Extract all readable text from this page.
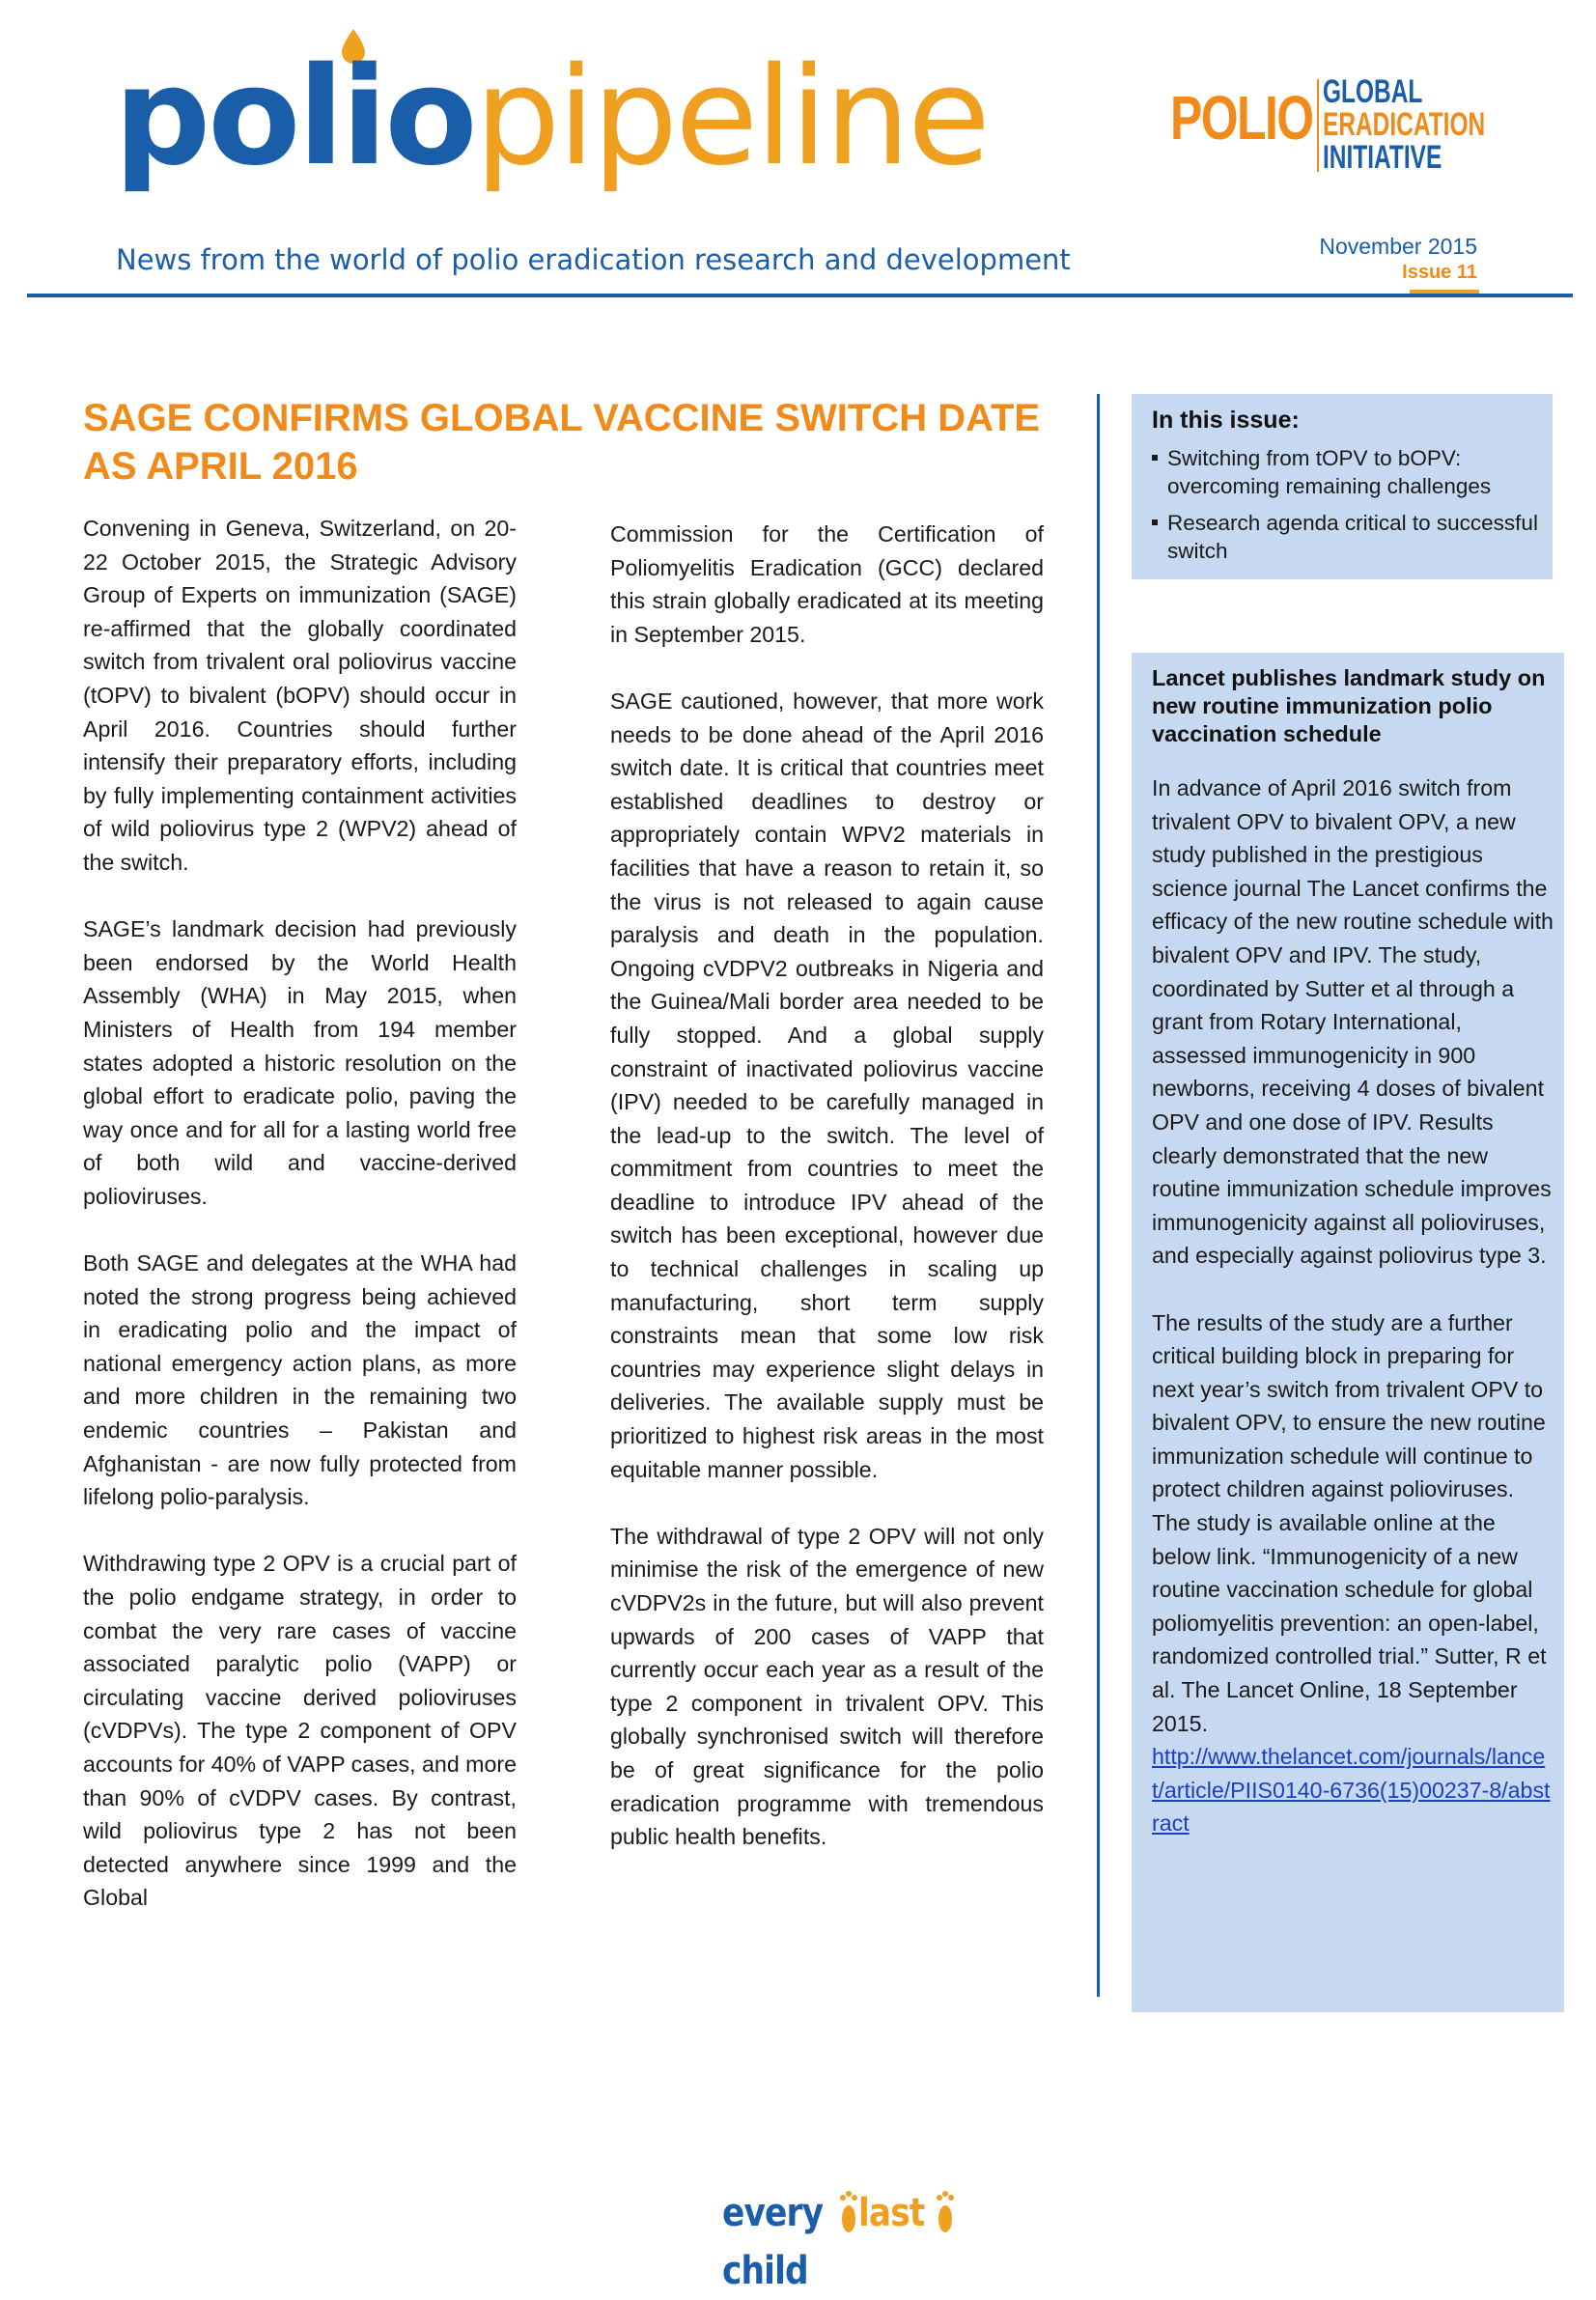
poliopipeline
News from the world of polio eradication research and development
POLIO GLOBAL
ERADICATION
INITIATIVE
November 2015
Issue 11
SAGE CONFIRMS GLOBAL VACCINE SWITCH DATE AS APRIL 2016

Convening in Geneva, Switzerland, on 20-22 October 2015, the Strategic Advisory Group of Experts on immunization (SAGE) re-affirmed that the globally coordinated switch from trivalent oral poliovirus vaccine (tOPV) to bivalent (bOPV) should occur in April 2016. Countries should further intensify their preparatory efforts, including by fully implementing containment activities of wild poliovirus type 2 (WPV2) ahead of the switch.

SAGE’s landmark decision had previously been endorsed by the World Health Assembly (WHA) in May 2015, when Ministers of Health from 194 member states adopted a historic resolution on the global effort to eradicate polio, paving the way once and for all for a lasting world free of both wild and vaccine-derived polioviruses.

Both SAGE and delegates at the WHA had noted the strong progress being achieved in eradicating polio and the impact of national emergency action plans, as more and more children in the remaining two endemic countries – Pakistan and Afghanistan - are now fully protected from lifelong polio-paralysis.

Withdrawing type 2 OPV is a crucial part of the polio endgame strategy, in order to combat the very rare cases of vaccine associated paralytic polio (VAPP) or circulating vaccine derived polioviruses (cVDPVs). The type 2 component of OPV accounts for 40% of VAPP cases, and more than 90% of cVDPV cases. By contrast, wild poliovirus type 2 has not been detected anywhere since 1999 and the Global

Commission for the Certification of Poliomyelitis Eradication (GCC) declared this strain globally eradicated at its meeting in September 2015.

SAGE cautioned, however, that more work needs to be done ahead of the April 2016 switch date. It is critical that countries meet established deadlines to destroy or appropriately contain WPV2 materials in facilities that have a reason to retain it, so the virus is not released to again cause paralysis and death in the population. Ongoing cVDPV2 outbreaks in Nigeria and the Guinea/Mali border area needed to be fully stopped. And a global supply constraint of inactivated poliovirus vaccine (IPV) needed to be carefully managed in the lead-up to the switch. The level of commitment from countries to meet the deadline to introduce IPV ahead of the switch has been exceptional, however due to technical challenges in scaling up manufacturing, short term supply constraints mean that some low risk countries may experience slight delays in deliveries. The available supply must be prioritized to highest risk areas in the most equitable manner possible.

The withdrawal of type 2 OPV will not only minimise the risk of the emergence of new cVDPV2s in the future, but will also prevent upwards of 200 cases of VAPP that currently occur each year as a result of the type 2 component in trivalent OPV. This globally synchronised switch will therefore be of great significance for the polio eradication programme with tremendous public health benefits.

In this issue:
Switching from tOPV to bOPV: overcoming remaining challenges
Research agenda critical to successful switch
Lancet publishes landmark study on new routine immunization polio vaccination schedule

In advance of April 2016 switch from trivalent OPV to bivalent OPV, a new study published in the prestigious science journal The Lancet confirms the efficacy of the new routine schedule with bivalent OPV and IPV. The study, coordinated by Sutter et al through a grant from Rotary International, assessed immunogenicity in 900 newborns, receiving 4 doses of bivalent OPV and one dose of IPV. Results clearly demonstrated that the new routine immunization schedule improves immunogenicity against all polioviruses, and especially against poliovirus type 3.

The results of the study are a further critical building block in preparing for next year’s switch from trivalent OPV to bivalent OPV, to ensure the new routine immunization schedule will continue to protect children against polioviruses. The study is available online at the below link. “Immunogenicity of a new routine vaccination schedule for global poliomyelitis prevention: an open-label, randomized controlled trial.” Sutter, R et al. The Lancet Online, 18 September 2015.

http://www.thelancet.com/journals/lancet/article/PIIS0140-6736(15)00237-8/abstract
every lastchild
